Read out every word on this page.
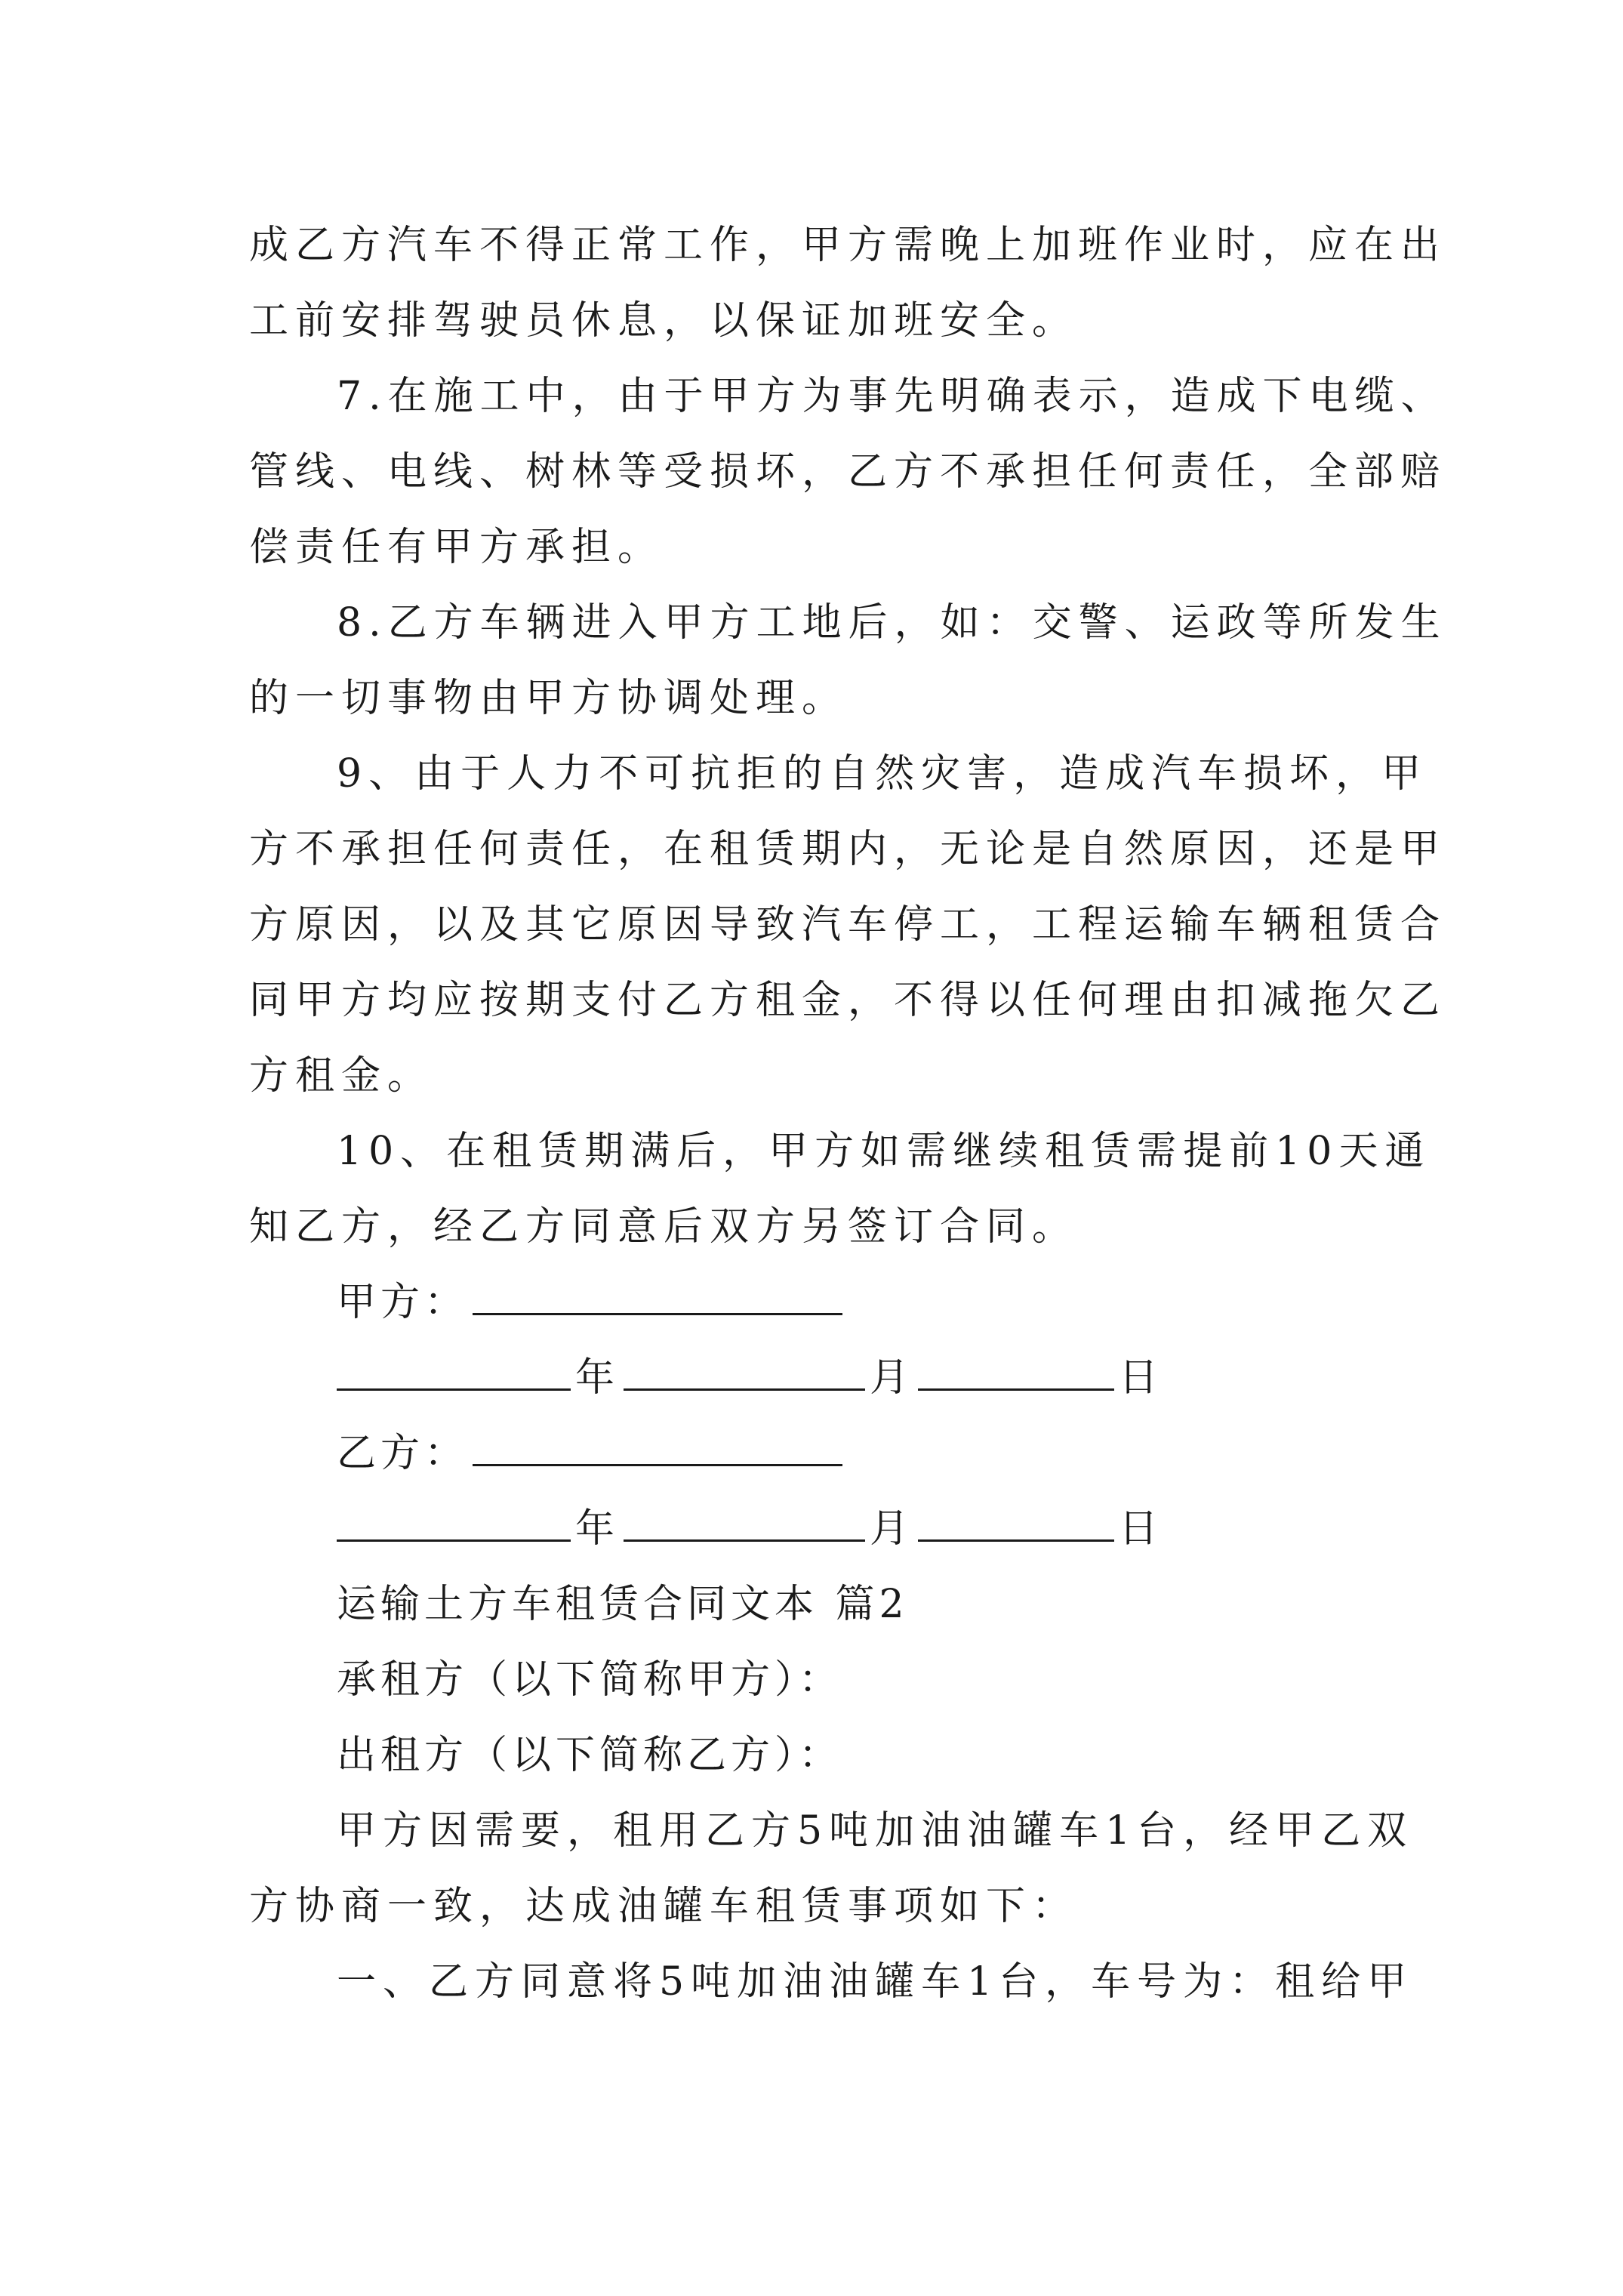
成乙方汽车不得正常工作，甲方需晚上加班作业时，应在出
工前安排驾驶员休息，以保证加班安全。
7.在施工中，由于甲方为事先明确表示，造成下电缆、
管线、电线、树林等受损坏，乙方不承担任何责任，全部赔
偿责任有甲方承担。
8.乙方车辆进入甲方工地后，如：交警、运政等所发生
的一切事物由甲方协调处理。
9、由于人力不可抗拒的自然灾害，造成汽车损坏，甲
方不承担任何责任，在租赁期内，无论是自然原因，还是甲
方原因，以及其它原因导致汽车停工，工程运输车辆租赁合
同甲方均应按期支付乙方租金，不得以任何理由扣减拖欠乙
方租金。
10、在租赁期满后，甲方如需继续租赁需提前10天通
知乙方，经乙方同意后双方另签订合同。
甲方：
年	月	日
乙方：
年	月	日
运输土方车租赁合同文本 篇2
承租方（以下简称甲方）：
出租方（以下简称乙方）：
甲方因需要，租用乙方5吨加油油罐车1台，经甲乙双
方协商一致，达成油罐车租赁事项如下：
一、乙方同意将5吨加油油罐车1台，车号为：租给甲
